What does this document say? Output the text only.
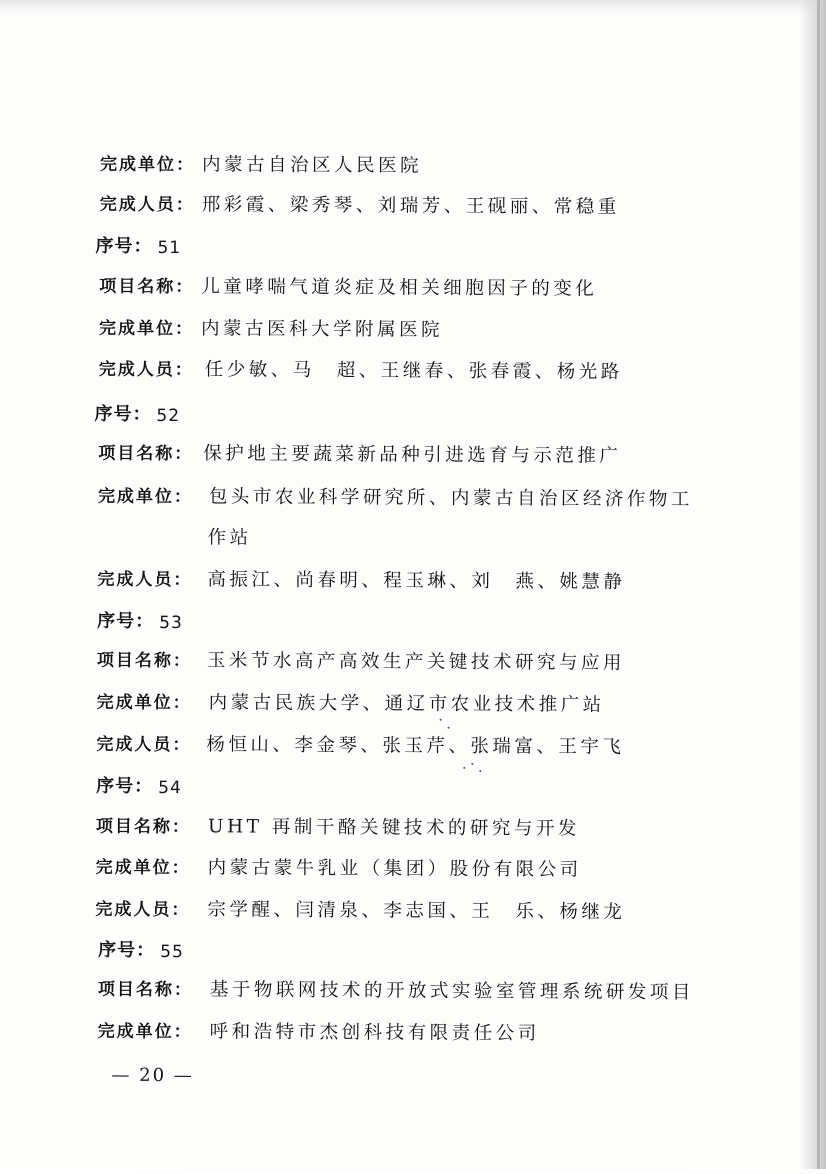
完成单位： 内蒙古自治区人民医院
完成人员： 邢彩霞、梁秀琴、刘瑞芳、王砚丽、常稳重
序号： 51
项目名称： 儿童哮喘气道炎症及相关细胞因子的变化
完成单位： 内蒙古医科大学附属医院
完成人员： 任少敏、马　超、王继春、张春霞、杨光路
序号： 52
项目名称： 保护地主要蔬菜新品种引进选育与示范推广
完成单位： 包头市农业科学研究所、内蒙古自治区经济作物工
作站
完成人员： 高振江、尚春明、程玉琳、刘　燕、姚慧静
序号： 53
项目名称： 玉米节水高产高效生产关键技术研究与应用
完成单位： 内蒙古民族大学、通辽市农业技术推广站
完成人员： 杨恒山、李金琴、张玉芹、张瑞富、王宇飞
序号： 54
项目名称： UHT 再制干酪关键技术的研究与开发
完成单位： 内蒙古蒙牛乳业（集团）股份有限公司
完成人员： 宗学醒、闫清泉、李志国、王　乐、杨继龙
序号： 55
项目名称： 基于物联网技术的开放式实验室管理系统研发项目
完成单位： 呼和浩特市杰创科技有限责任公司
— 20 —
